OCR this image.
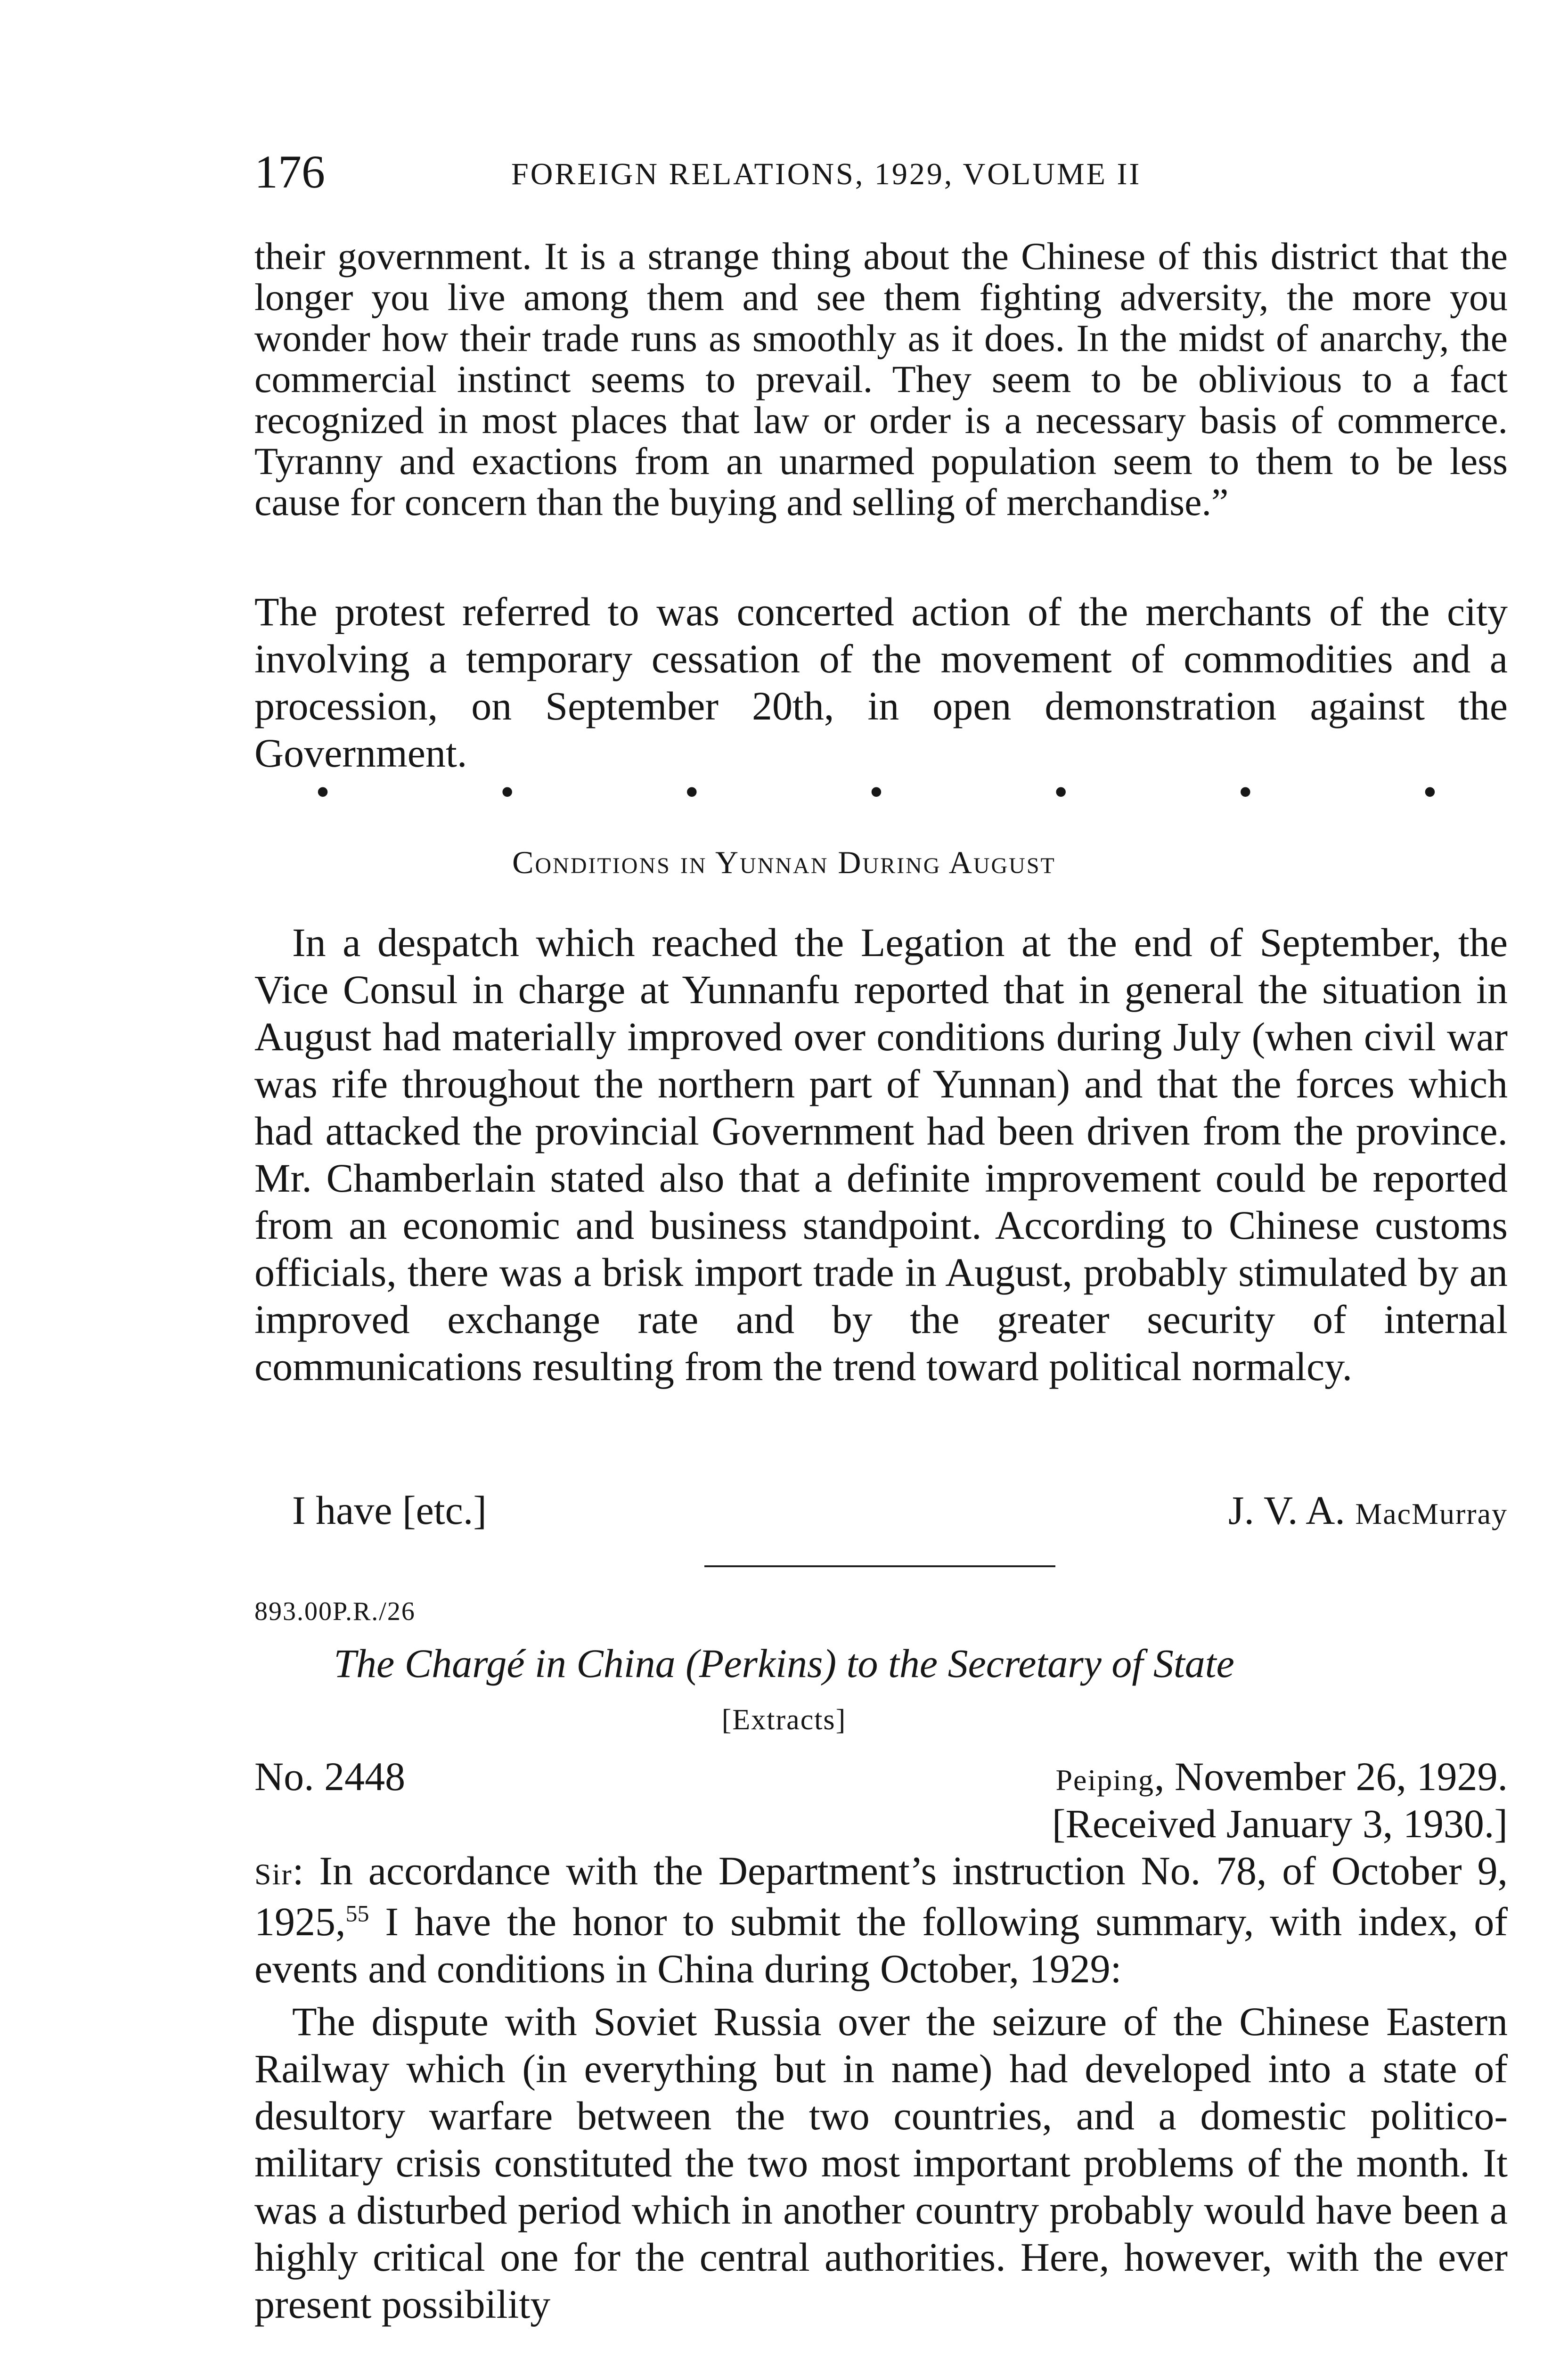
176	FOREIGN RELATIONS, 1929, VOLUME II

their government. It is a strange thing about the Chinese of this district that the longer you live among them and see them fighting adversity, the more you wonder how their trade runs as smoothly as it does. In the midst of anarchy, the commercial instinct seems to prevail. They seem to be oblivious to a fact recognized in most places that law or order is a necessary basis of commerce. Tyranny and exactions from an unarmed population seem to them to be less cause for concern than the buying and selling of merchandise.”

The protest referred to was concerted action of the merchants of the city involving a temporary cessation of the movement of commodities and a procession, on September 20th, in open demonstration against the Government.

•	•	•	•	•	•	•
Conditions in Yunnan During August

In a despatch which reached the Legation at the end of September, the Vice Consul in charge at Yunnanfu reported that in general the situation in August had materially improved over conditions during July (when civil war was rife throughout the northern part of Yunnan) and that the forces which had attacked the provincial Government had been driven from the province. Mr. Chamberlain stated also that a definite improvement could be reported from an economic and business standpoint. According to Chinese customs officials, there was a brisk import trade in August, probably stimulated by an improved exchange rate and by the greater security of internal communications resulting from the trend toward political normalcy.

I have [etc.]	J. V. A. MacMurray
893.00P.R./26
The Chargé in China (Perkins) to the Secretary of State
[Extracts]
No. 2448	Peiping, November 26, 1929.
[Received January 3, 1930.]

Sir: In accordance with the Department’s instruction No. 78, of October 9, 1925,55 I have the honor to submit the following summary, with index, of events and conditions in China during October, 1929:

The dispute with Soviet Russia over the seizure of the Chinese Eastern Railway which (in everything but in name) had developed into a state of desultory warfare between the two countries, and a domestic politico-military crisis constituted the two most important problems of the month. It was a disturbed period which in another country probably would have been a highly critical one for the central authorities. Here, however, with the ever present possibility
